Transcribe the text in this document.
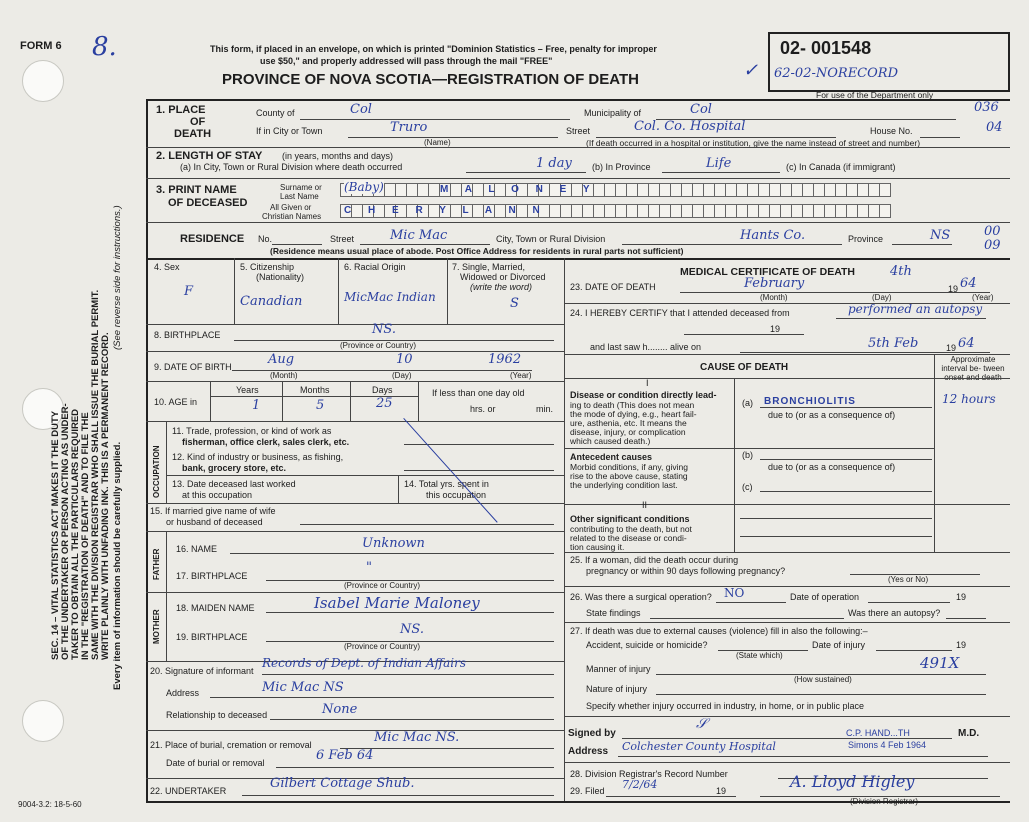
SEC. 14 – VITAL STATISTICS ACT MAKES IT THE DUTY OF THE UNDERTAKER OR PERSON ACTING AS UNDER- TAKER TO OBTAIN ALL THE PARTICULARS REQUIRED IN THE "REGISTRATION OF DEATH" AND TO FILE THE SAME WITH THE DIVISION REGISTRAR WHO SHALL ISSUE THE BURIAL PERMIT. WRITE PLAINLY WITH UNFADING INK. THIS IS A PERMANENT RECORD. Every item of information should be carefully supplied.
(See reverse side for instructions.)
FORM 6 8.	This form, if placed in an envelope, on which is printed "Dominion Statistics – Free, penalty for improper
use $50," and properly addressed will pass through the mail "FREE"
PROVINCE OF NOVA SCOTIA—REGISTRATION OF DEATH
02- 001548
62-02-NORECORD
✓
For use of the Department only
1. PLACE
OF
DEATH
County of	Col	Municipality of	Col	036
If in City or Town	Truro
(Name)
Street	Col. Co. Hospital	House No.	04
(If death occurred in a hospital or institution, give the name instead of street and number)
2. LENGTH OF STAY (in years, months and days)
(a) In City, Town or Rural Division where death occurred	1 day (b) In Province	Life	(c) In Canada (if immigrant)
3. PRINT NAME
OF DECEASED
Surname or
Last Name
All Given or
Christian Names
(Baby)	M A L O N E Y
C H E R Y L A N N
RESIDENCE No.	Street	Mic Mac	City, Town or Rural Division	Hants Co.	Province	NS	00
09
(Residence means usual place of abode. Post Office Address for residents in rural parts not sufficient)
4. Sex
F
5. Citizenship
(Nationality)
Canadian
6. Racial Origin
MicMac Indian
7. Single, Married,
Widowed or Divorced
(write the word)
S
8. BIRTHPLACE	NS.
(Province or Country)
9. DATE OF BIRTH	Aug	10	1962
(Month)	(Day)	(Year)
10. AGE in
Years	Months	Days
1	5	25
If less than one day old
hrs. or	min.
OCCUPATION
11. Trade, profession, or kind of work as
fisherman, office clerk, sales clerk, etc.
12. Kind of industry or business, as fishing,
bank, grocery store, etc.
13. Date deceased last worked
at this occupation
14. Total yrs. spent in
this occupation
15. If married give name of wife
or husband of deceased
FATHER 16. NAME	Unknown
17. BIRTHPLACE
"
(Province or Country)
MOTHER
18. MAIDEN NAME	Isabel Marie Maloney
19. BIRTHPLACE	NS.
(Province or Country)
20. Signature of informant
Records of Dept. of Indian Affairs
Address	Mic Mac NS
Relationship to deceased	None
21. Place of burial, cremation or removal	Mic Mac NS.
Date of burial or removal	6 Feb 64
22. UNDERTAKER	Gilbert Cottage Shub.
9004-3.2: 18-5-60
MEDICAL CERTIFICATE OF DEATH
23. DATE OF DEATH	February
4th
19 64
(Month)	(Day)	(Year)
24. I HEREBY CERTIFY that I attended deceased from	performed an autopsy
19
and last saw h........ alive on	5th Feb	19 64
CAUSE OF DEATH
Approximate interval be- tween onset and death
I
Disease or condition directly lead-
ing to death (This does not mean
the mode of dying, e.g., heart fail-
ure, asthenia, etc. It means the
disease, injury, or complication
which caused death.)
(a) BRONCHIOLITIS	12 hours
due to (or as a consequence of)
Antecedent causes
Morbid conditions, if any, giving
rise to the above cause, stating
the underlying condition last.
(b)
due to (or as a consequence of)
(c)
II
Other significant conditions
contributing to the death, but not
related to the disease or condi-
tion causing it.
25. If a woman, did the death occur during
pregnancy or within 90 days following pregnancy?
(Yes or No)
26. Was there a surgical operation? NO	Date of operation	19
State findings	Was there an autopsy?
27. If death was due to external causes (violence) fill in also the following:–
Accident, suicide or homicide?
(State which)
Date of injury	19
Manner of injury	491X
(How sustained)
Nature of injury
Specify whether injury occurred in industry, in home, or in public place
Signed by
𝒮
C.P. HAND...TH	M.D.
Address Colchester County Hospital	Simons 4 Feb 1964
28. Division Registrar's Record Number
29. Filed 7/2/64	19	A. Lloyd Higley
(Division Registrar)
